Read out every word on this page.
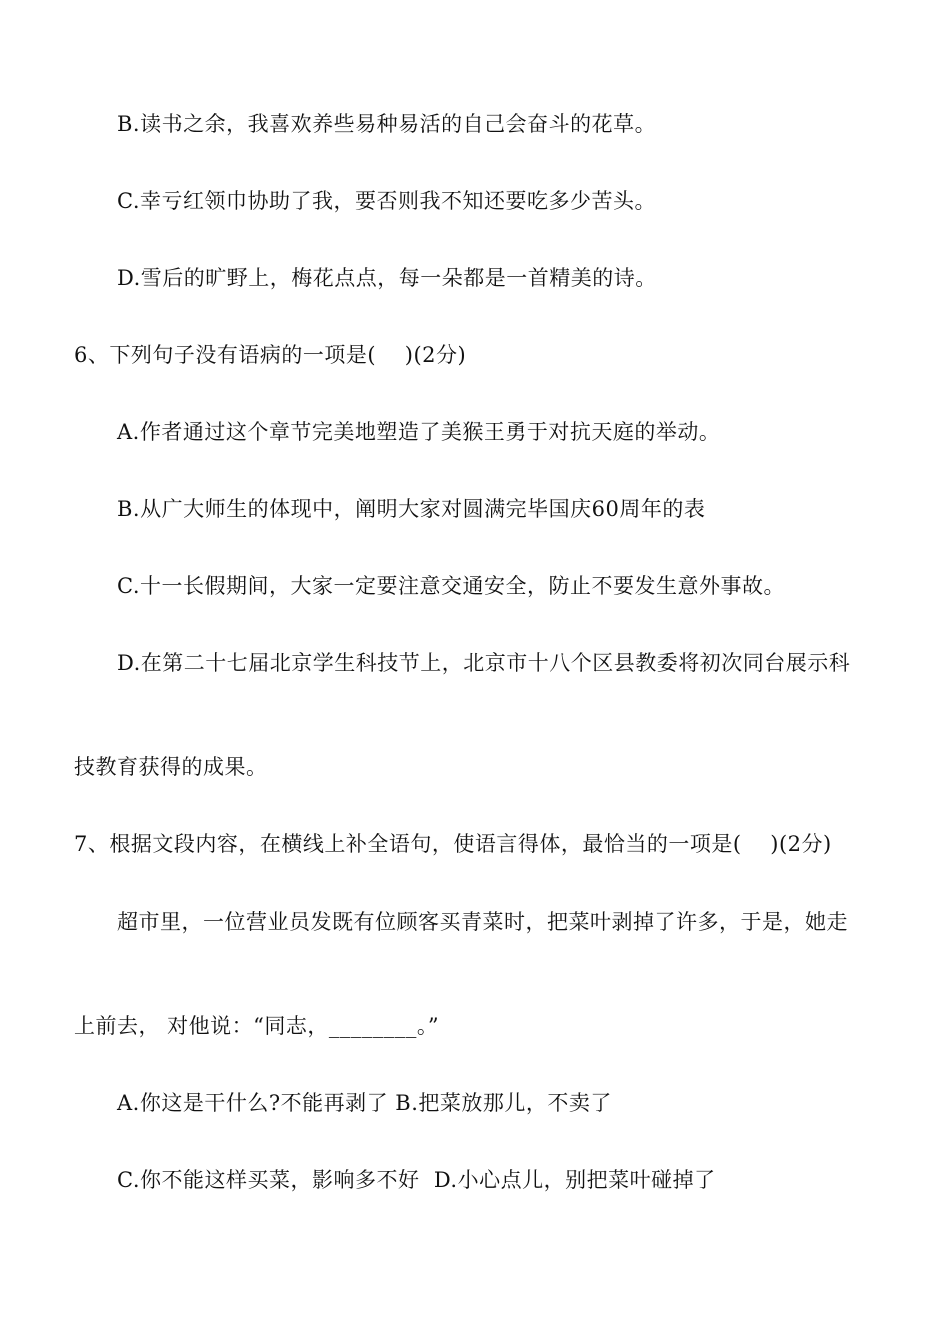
B.读书之余，我喜欢养些易种易活的自己会奋斗的花草。
C.幸亏红领巾协助了我，要否则我不知还要吃多少苦头。
D.雪后的旷野上，梅花点点，每一朵都是一首精美的诗。
6、下列句子没有语病的一项是(    )(2分)
A.作者通过这个章节完美地塑造了美猴王勇于对抗天庭的举动。
B.从广大师生的体现中，阐明大家对圆满完毕国庆60周年的表
C.十一长假期间，大家一定要注意交通安全，防止不要发生意外事故。
D.在第二十七届北京学生科技节上，北京市十八个区县教委将初次同台展示科
技教育获得的成果。
7、根据文段内容，在横线上补全语句，使语言得体，最恰当的一项是(    )(2分)
超市里，一位营业员发既有位顾客买青菜时，把菜叶剥掉了许多，于是，她走
上前去， 对他说：“同志，________。”
A.你这是干什么?不能再剥了 B.把菜放那儿，不卖了
C.你不能这样买菜，影响多不好  D.小心点儿，别把菜叶碰掉了
